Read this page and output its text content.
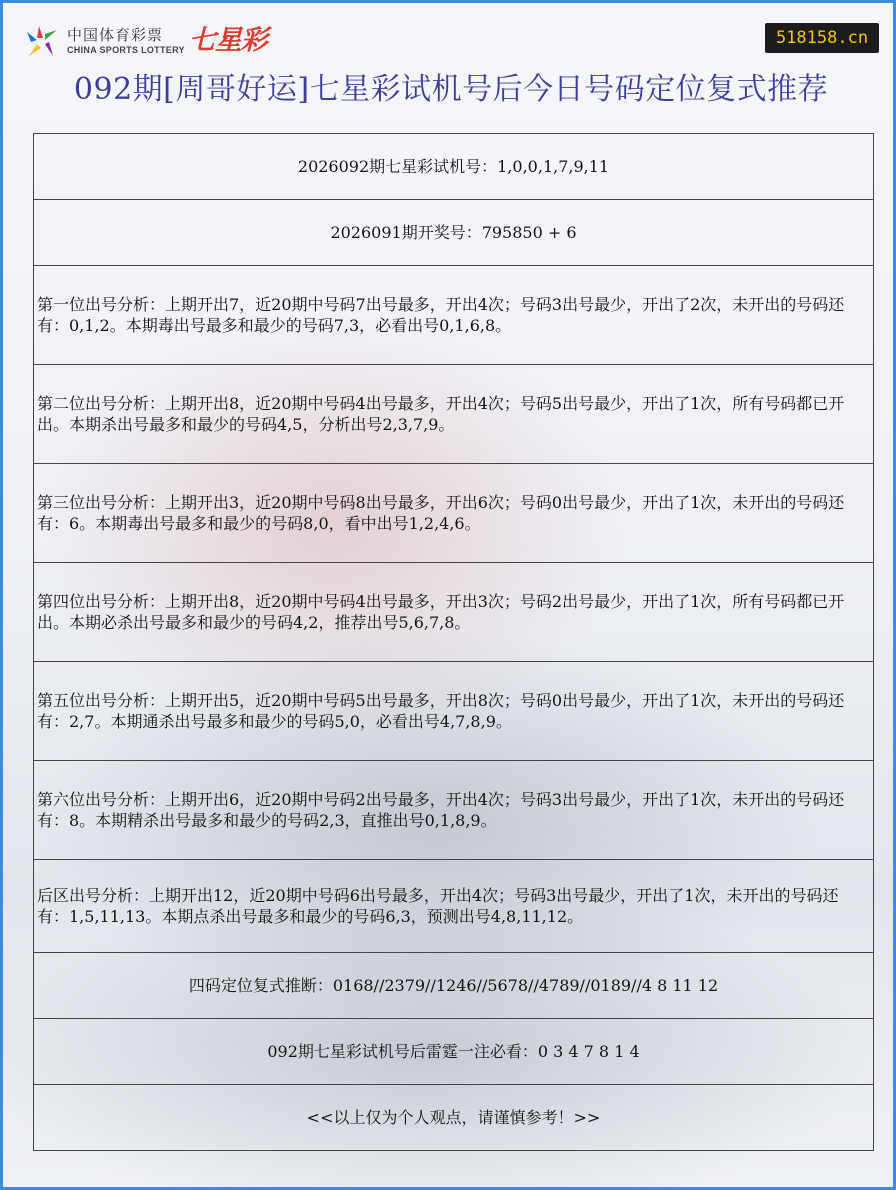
中国体育彩票
CHINA SPORTS LOTTERY 七星彩	518158.cn
092期[周哥好运]七星彩试机号后今日号码定位复式推荐
2026092期七星彩试机号：1,0,0,1,7,9,11
2026091期开奖号：795850 + 6
第一位出号分析：上期开出7，近20期中号码7出号最多，开出4次；号码3出号最少，开出了2次，未开出的号码还有：0,1,2。本期毒出号最多和最少的号码7,3，必看出号0,1,6,8。
第二位出号分析：上期开出8，近20期中号码4出号最多，开出4次；号码5出号最少，开出了1次，所有号码都已开出。本期杀出号最多和最少的号码4,5，分析出号2,3,7,9。
第三位出号分析：上期开出3，近20期中号码8出号最多，开出6次；号码0出号最少，开出了1次，未开出的号码还有：6。本期毒出号最多和最少的号码8,0，看中出号1,2,4,6。
第四位出号分析：上期开出8，近20期中号码4出号最多，开出3次；号码2出号最少，开出了1次，所有号码都已开出。本期必杀出号最多和最少的号码4,2，推荐出号5,6,7,8。
第五位出号分析：上期开出5，近20期中号码5出号最多，开出8次；号码0出号最少，开出了1次，未开出的号码还有：2,7。本期通杀出号最多和最少的号码5,0，必看出号4,7,8,9。
第六位出号分析：上期开出6，近20期中号码2出号最多，开出4次；号码3出号最少，开出了1次，未开出的号码还有：8。本期精杀出号最多和最少的号码2,3，直推出号0,1,8,9。
后区出号分析：上期开出12，近20期中号码6出号最多，开出4次；号码3出号最少，开出了1次，未开出的号码还有：1,5,11,13。本期点杀出号最多和最少的号码6,3，预测出号4,8,11,12。
四码定位复式推断：0168//2379//1246//5678//4789//0189//4 8 11 12
092期七星彩试机号后雷霆一注必看：0 3 4 7 8 1 4
<<以上仅为个人观点，请谨慎参考！>>
